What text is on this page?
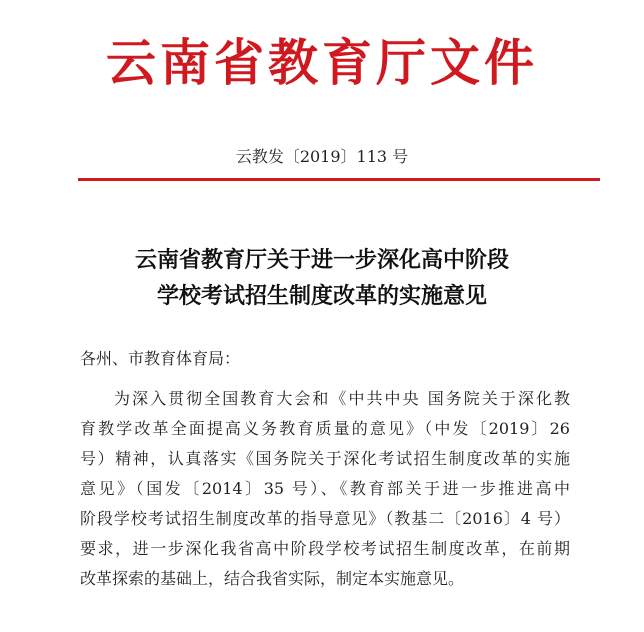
云南省教育厅文件
云教发〔2019〕113 号
云南省教育厅关于进一步深化高中阶段
学校考试招生制度改革的实施意见
各州、市教育体育局：
为深入贯彻全国教育大会和《中共中央 国务院关于深化教
育教学改革全面提高义务教育质量的意见》（中发〔2019〕26
号）精神，认真落实《国务院关于深化考试招生制度改革的实施
意见》（国发〔2014〕35 号）、《教育部关于进一步推进高中
阶段学校考试招生制度改革的指导意见》（教基二〔2016〕4 号）
要求，进一步深化我省高中阶段学校考试招生制度改革，在前期
改革探索的基础上，结合我省实际，制定本实施意见。
